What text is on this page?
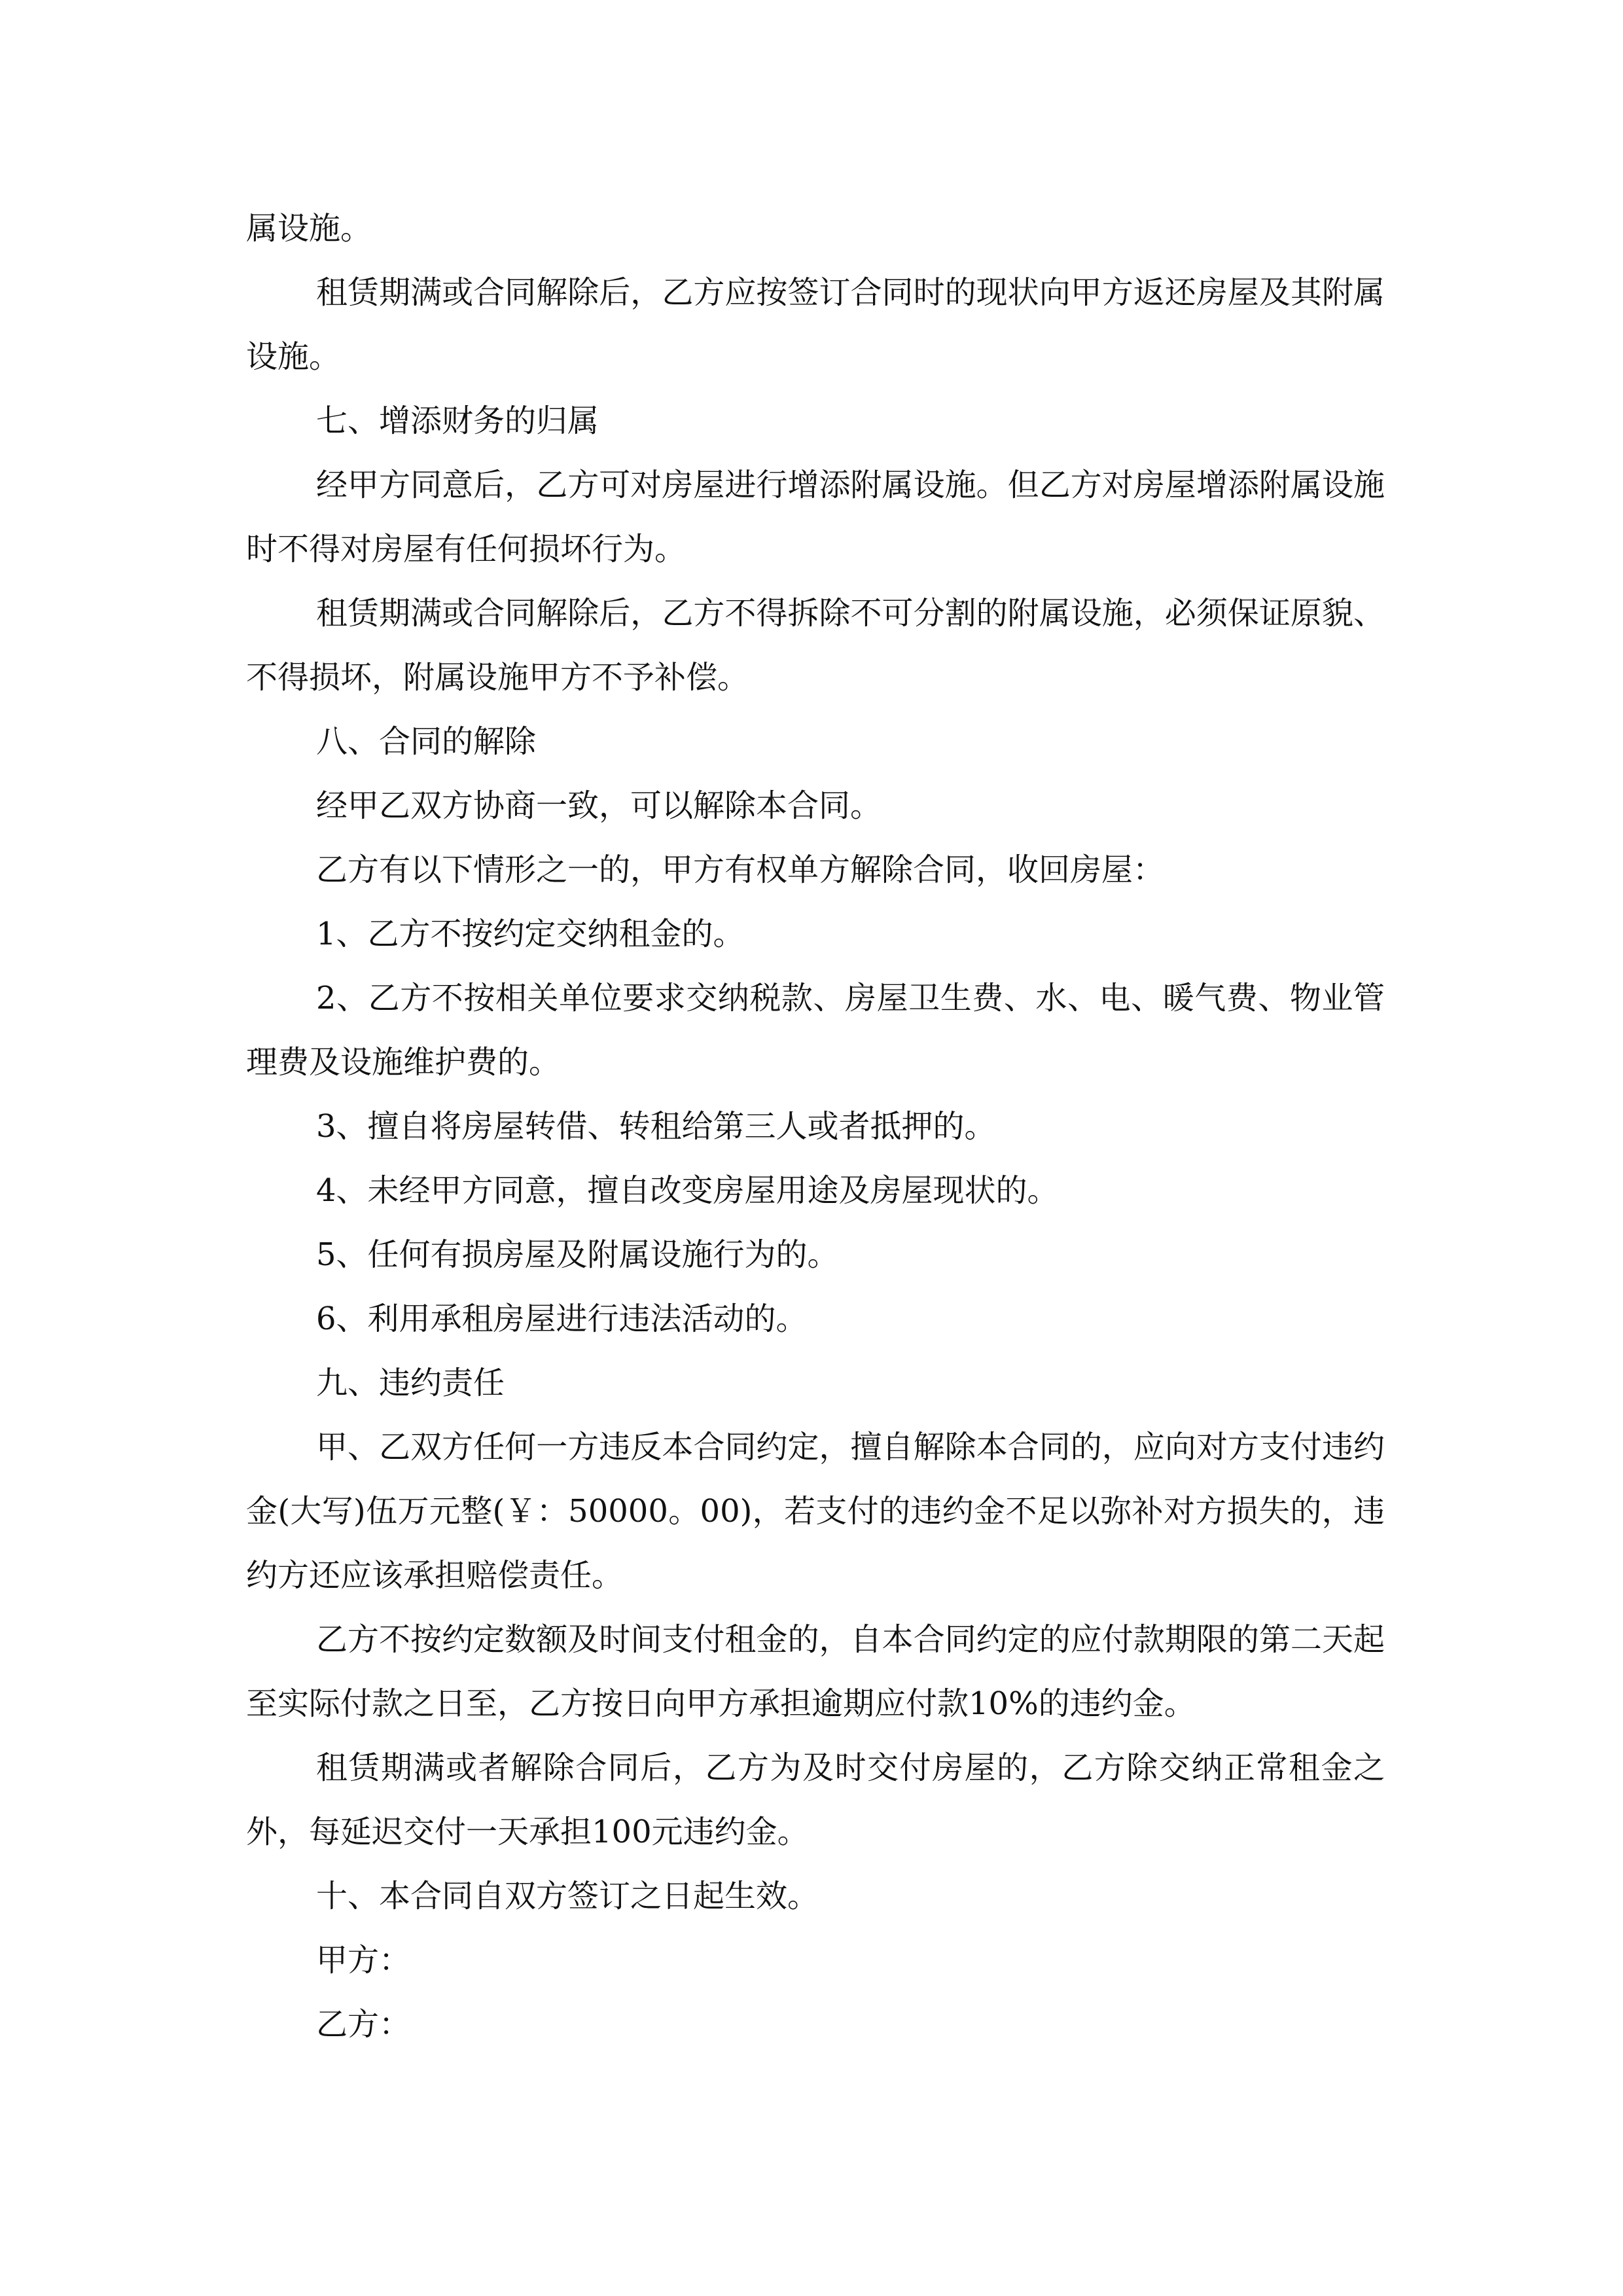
属设施。

租赁期满或合同解除后，乙方应按签订合同时的现状向甲方返还房屋及其附属设施。

七、增添财务的归属

经甲方同意后，乙方可对房屋进行增添附属设施。但乙方对房屋增添附属设施时不得对房屋有任何损坏行为。

租赁期满或合同解除后，乙方不得拆除不可分割的附属设施，必须保证原貌、不得损坏，附属设施甲方不予补偿。

八、合同的解除

经甲乙双方协商一致，可以解除本合同。

乙方有以下情形之一的，甲方有权单方解除合同，收回房屋：

1、乙方不按约定交纳租金的。

2、乙方不按相关单位要求交纳税款、房屋卫生费、水、电、暖气费、物业管理费及设施维护费的。

3、擅自将房屋转借、转租给第三人或者抵押的。

4、未经甲方同意，擅自改变房屋用途及房屋现状的。

5、任何有损房屋及附属设施行为的。

6、利用承租房屋进行违法活动的。

九、违约责任

甲、乙双方任何一方违反本合同约定，擅自解除本合同的，应向对方支付违约金(大写)伍万元整(￥：50000。00)，若支付的违约金不足以弥补对方损失的，违约方还应该承担赔偿责任。

乙方不按约定数额及时间支付租金的，自本合同约定的应付款期限的第二天起至实际付款之日至，乙方按日向甲方承担逾期应付款10%的违约金。

租赁期满或者解除合同后，乙方为及时交付房屋的，乙方除交纳正常租金之外，每延迟交付一天承担100元违约金。

十、本合同自双方签订之日起生效。

甲方：

乙方：
